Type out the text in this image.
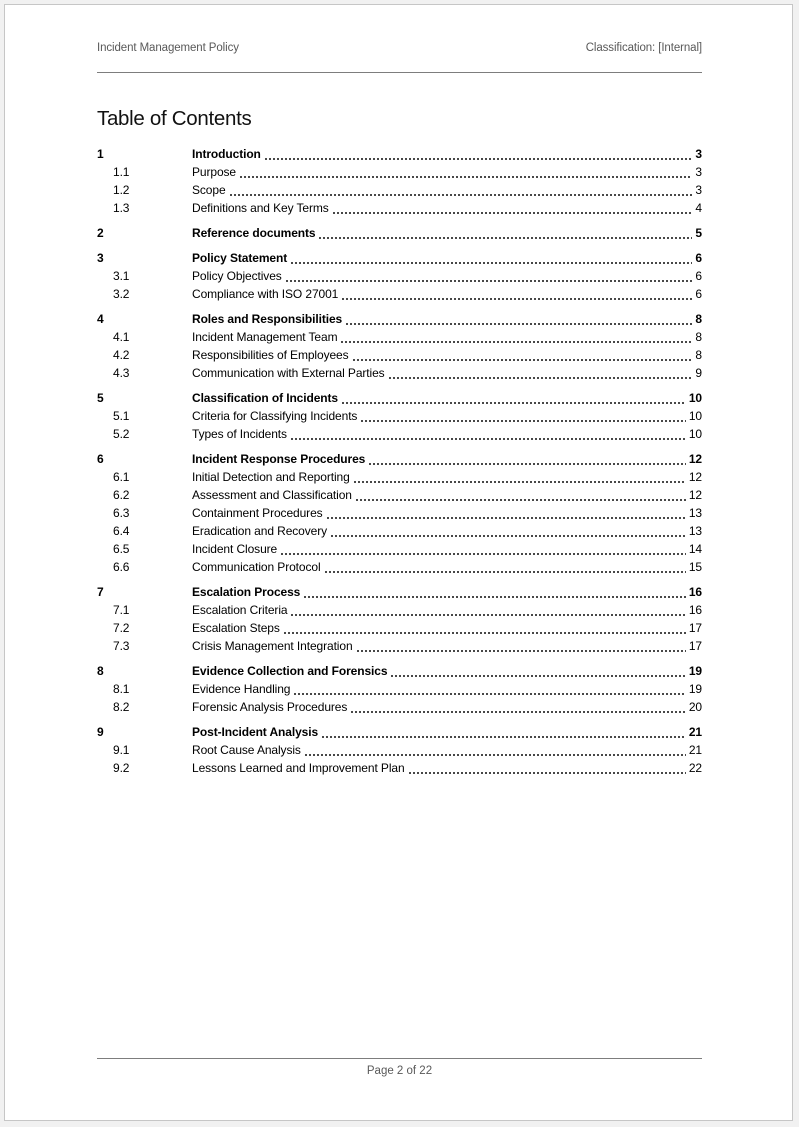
Incident Management Policy	Classification: [Internal]
Table of Contents
1	Introduction	3
1.1	Purpose	3
1.2	Scope	3
1.3	Definitions and Key Terms	4
2	Reference documents	5
3	Policy Statement	6
3.1	Policy Objectives	6
3.2	Compliance with ISO 27001	6
4	Roles and Responsibilities	8
4.1	Incident Management Team	8
4.2	Responsibilities of Employees	8
4.3	Communication with External Parties	9
5	Classification of Incidents	10
5.1	Criteria for Classifying Incidents	10
5.2	Types of Incidents	10
6	Incident Response Procedures	12
6.1	Initial Detection and Reporting	12
6.2	Assessment and Classification	12
6.3	Containment Procedures	13
6.4	Eradication and Recovery	13
6.5	Incident Closure	14
6.6	Communication Protocol	15
7	Escalation Process	16
7.1	Escalation Criteria	16
7.2	Escalation Steps	17
7.3	Crisis Management Integration	17
8	Evidence Collection and Forensics	19
8.1	Evidence Handling	19
8.2	Forensic Analysis Procedures	20
9	Post-Incident Analysis	21
9.1	Root Cause Analysis	21
9.2	Lessons Learned and Improvement Plan	22
Page 2 of 22
